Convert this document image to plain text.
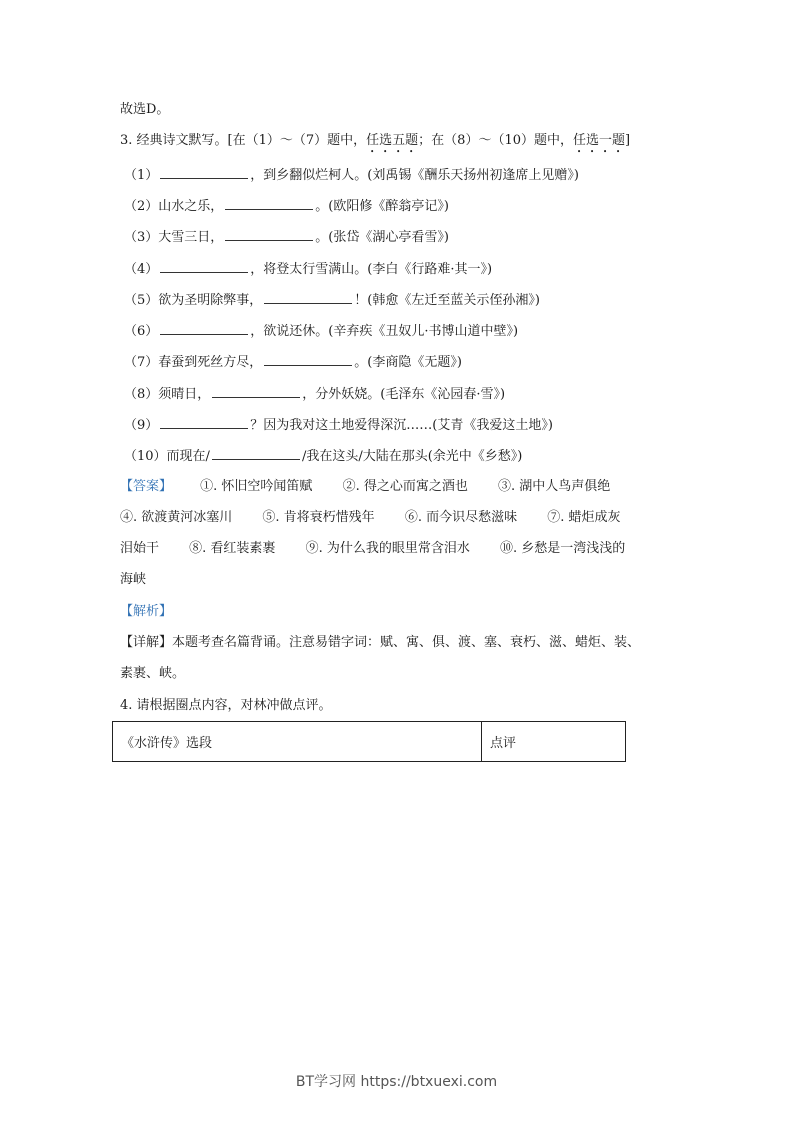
故选D。
3. 经典诗文默写。[在（1）～（7）题中，任选五题；在（8）～（10）题中，任选一题]
（1）	，到乡翻似烂柯人。(刘禹锡《酬乐天扬州初逢席上见赠》)
（2）山水之乐，	。(欧阳修《醉翁亭记》)
（3）大雪三日，	。(张岱《湖心亭看雪》)
（4）	，将登太行雪满山。(李白《行路难·其一》)
（5）欲为圣明除弊事，	！(韩愈《左迁至蓝关示侄孙湘》)
（6）	，欲说还休。(辛弃疾《丑奴儿·书博山道中壁》)
（7）春蚕到死丝方尽，	。(李商隐《无题》)
（8）须晴日，	，分外妖娆。(毛泽东《沁园春·雪》)
（9）	？因为我对这土地爱得深沉……(艾青《我爱这土地》)
（10）而现在/	/我在这头/大陆在那头(余光中《乡愁》)
【答案】 ①. 怀旧空吟闻笛赋 ②. 得之心而寓之酒也 ③. 湖中人鸟声俱绝
④. 欲渡黄河冰塞川 ⑤. 肯将衰朽惜残年 ⑥. 而今识尽愁滋味 ⑦. 蜡炬成灰
泪始干 ⑧. 看红装素裹 ⑨. 为什么我的眼里常含泪水 ⑩. 乡愁是一湾浅浅的
海峡
【解析】
【详解】本题考查名篇背诵。注意易错字词：赋、寓、俱、渡、塞、衰朽、滋、蜡炬、装、
素裹、峡。
4. 请根据圈点内容，对林冲做点评。
《水浒传》选段	点评
BT学习网 https://btxuexi.com
